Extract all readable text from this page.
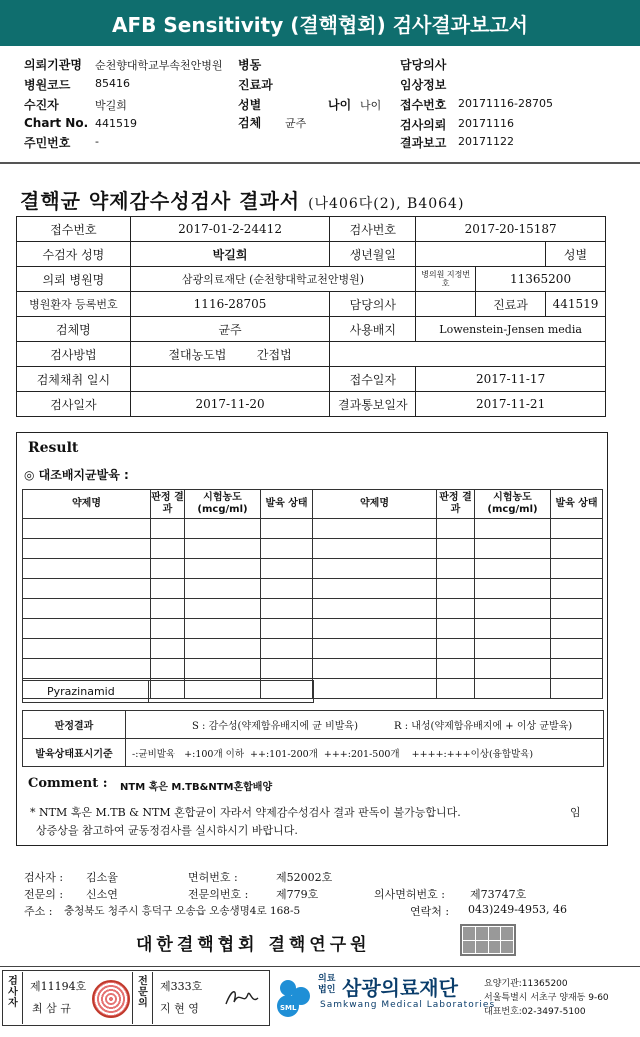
AFB Sensitivity (결핵협회) 검사결과보고서
의뢰기관명 순천향대학교부속천안병원 병동	담당의사
병원코드 85416	진료과	임상정보
수진자	박길희	성별	나이 나이 접수번호 20171116-28705
Chart No. 441519	검체 균주	검사의뢰 20171116
주민번호 -	결과보고 20171122
결핵균 약제감수성검사 결과서 (나406다(2), B4064)
접수번호	2017-01-2-24412	검사번호	2017-20-15187		
수검자 성명	박길희	생년월일			성별
의뢰 병원명	삼광의료재단 (순천향대학교천안병원)		병의원 지정번호	11365200	
병원환자 등록번호	1116-28705	담당의사		진료과	441519
검체명	균주	사용배지	Lowenstein-Jensen media		
검사방법	절대농도법 간접법				
검체채취 일시		접수일자	2017-11-17		
검사일자	2017-11-20	결과통보일자	2017-11-21		
Result
◎ 대조배지균발육 :
약제명	판정 결과	시험농도 (mcg/ml)	발육 상태	약제명	판정 결과	시험농도 (mcg/ml)	발육 상태

Pyrazinamid	
판정결과	S : 감수성(약제함유배지에 균 비발육) R : 내성(약제함유배지에 + 이상 균발육)
발육상태표시기준	-:균비발육   +:100개 이하  ++:101-200개  +++:201-500개    ++++:+++이상(융합발육)
Comment : NTM 혹은 M.TB&NTM혼합배양
* NTM 혹은 M.TB & NTM 혼합균이 자라서 약제감수성검사 결과 판독이 불가능합니다.	임
상증상을 참고하여 균동정검사를 실시하시기 바랍니다.
검사자 : 김소율	면허번호 :	제52002호
전문의 : 신소연	전문의번호 :	제779호	의사면허번호 : 제73747호
주소 : 충청북도 청주시 흥덕구 오송읍 오송생명4로 168-5	연락처 : 043)249-4953, 46
대한결핵협회 결핵연구원
검사자
제11194호
최 삼 규
전문의
제333호
지 현 영	SML
의료법인 삼광의료재단
Samkwang Medical Laboratories
요양기관:11365200
서울특별시 서초구 양재동 9-60
대표번호:02-3497-5100
